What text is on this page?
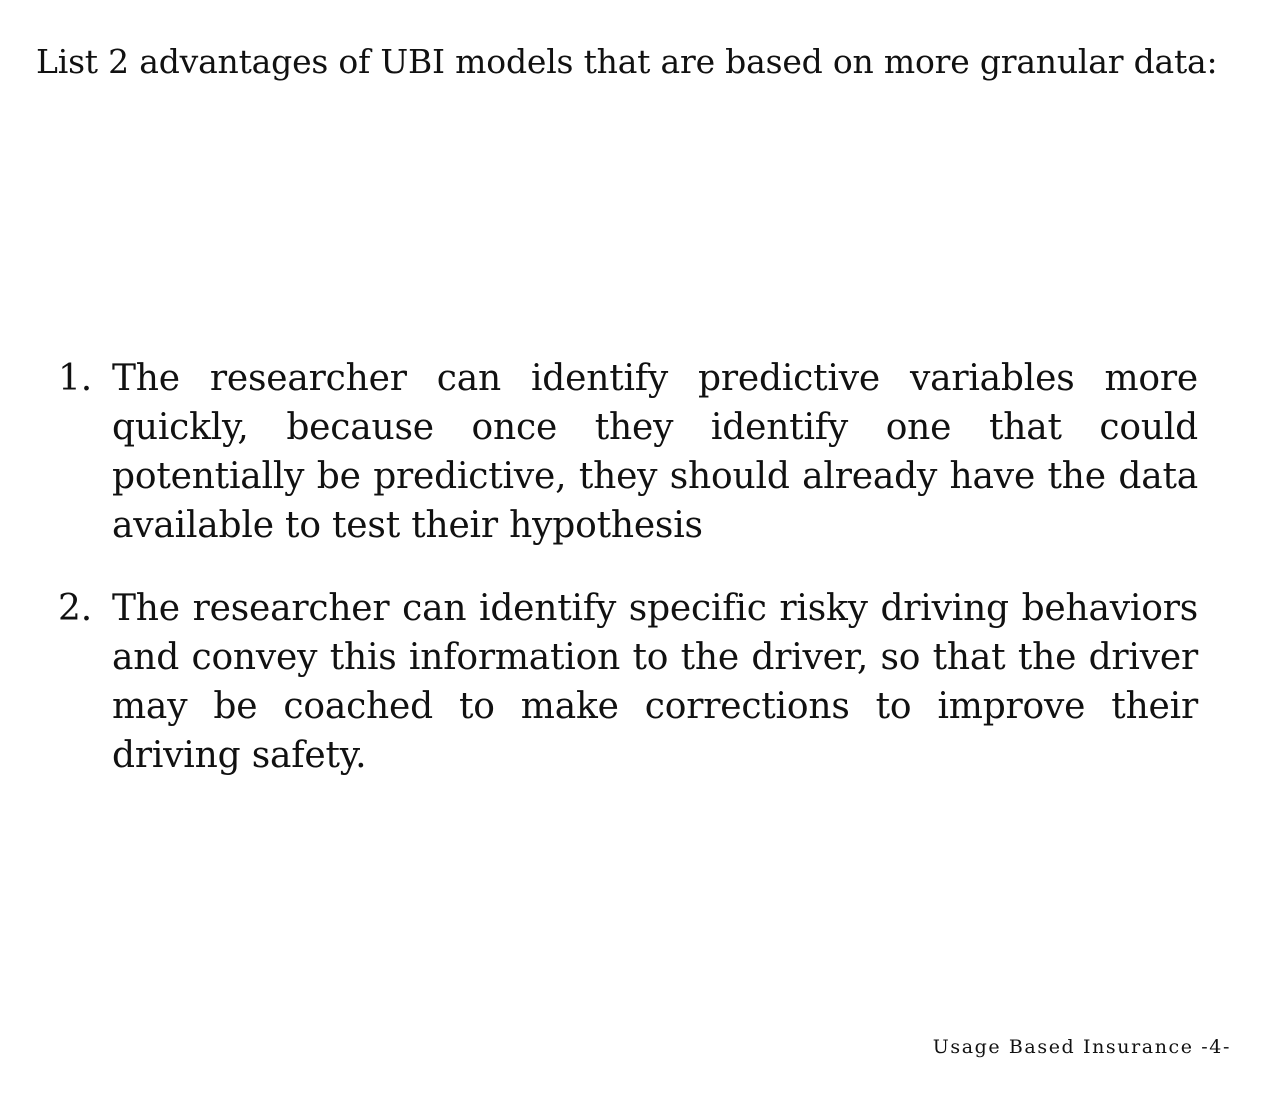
List 2 advantages of UBI models that are based on more granular data:
1. The researcher can identify predictive variables more quickly, because once they identify one that could potentially be predictive, they should already have the data available to test their hypothesis
2. The researcher can identify specific risky driving behaviors and convey this information to the driver, so that the driver may be coached to make corrections to improve their driving safety.
Usage Based Insurance -4-
